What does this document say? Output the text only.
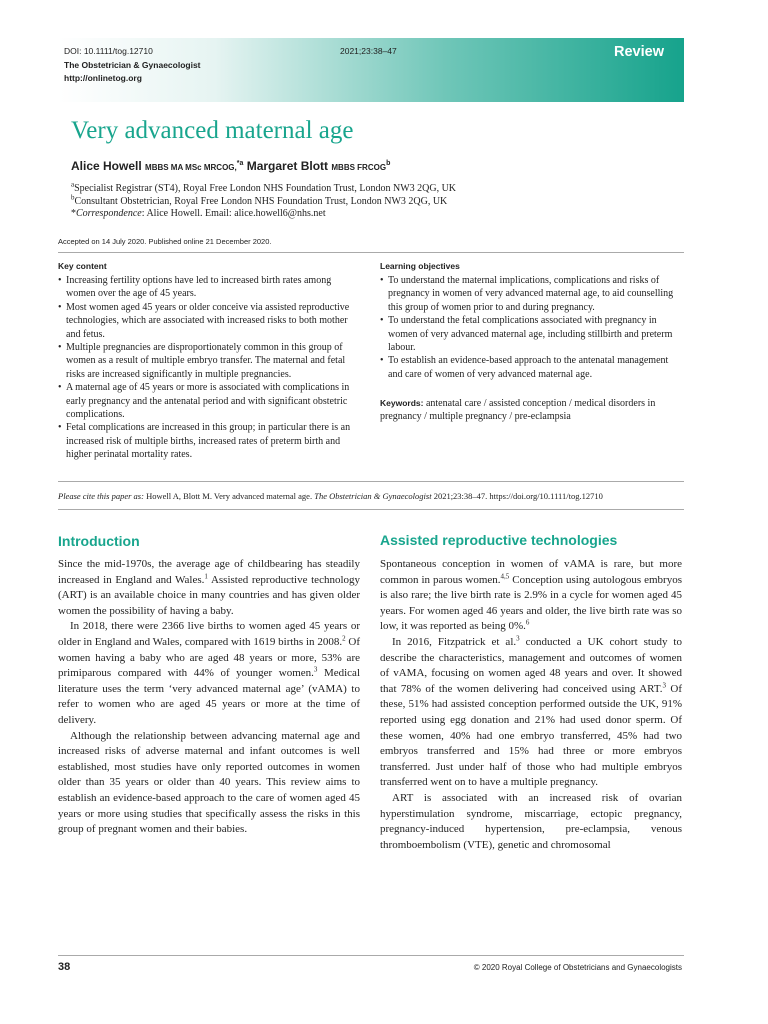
DOI: 10.1111/tog.12710
The Obstetrician & Gynaecologist
http://onlinetog.org
2021;23:38–47	Review
Very advanced maternal age
Alice Howell MBBS MA MSc MRCOG,$^{*a}$ Margaret Blott MBBS FRCOG$^b$
$^a$Specialist Registrar (ST4), Royal Free London NHS Foundation Trust, London NW3 2QG, UK
$^b$Consultant Obstetrician, Royal Free London NHS Foundation Trust, London NW3 2QG, UK
*Correspondence: Alice Howell. Email: alice.howell6@nhs.net
Accepted on 14 July 2020. Published online 21 December 2020.
Key content
• Increasing fertility options have led to increased birth rates among women over the age of 45 years.
• Most women aged 45 years or older conceive via assisted reproductive technologies, which are associated with increased risks to both mother and fetus.
• Multiple pregnancies are disproportionately common in this group of women as a result of multiple embryo transfer. The maternal and fetal risks are increased significantly in multiple pregnancies.
• A maternal age of 45 years or more is associated with complications in early pregnancy and the antenatal period and with significant obstetric complications.
• Fetal complications are increased in this group; in particular there is an increased risk of multiple births, increased rates of preterm birth and higher perinatal mortality rates.
Learning objectives
• To understand the maternal implications, complications and risks of pregnancy in women of very advanced maternal age, to aid counselling this group of women prior to and during pregnancy.
• To understand the fetal complications associated with pregnancy in women of very advanced maternal age, including stillbirth and preterm labour.
• To establish an evidence-based approach to the antenatal management and care of women of very advanced maternal age.
Keywords: antenatal care / assisted conception / medical disorders in pregnancy / multiple pregnancy / pre-eclampsia
Please cite this paper as: Howell A, Blott M. Very advanced maternal age. The Obstetrician & Gynaecologist 2021;23:38–47. https://doi.org/10.1111/tog.12710
Introduction

Since the mid-1970s, the average age of childbearing has steadily increased in England and Wales.$^1$ Assisted reproductive technology (ART) is an available choice in many countries and has given older women the possibility of having a baby.

In 2018, there were 2366 live births to women aged 45 years or older in England and Wales, compared with 1619 births in 2008.$^2$ Of women having a baby who are aged 48 years or more, 53% are primiparous compared with 44% of younger women.$^3$ Medical literature uses the term ‘very advanced maternal age’ (vAMA) to refer to women who are aged 45 years or more at the time of delivery.

Although the relationship between advancing maternal age and increased risks of adverse maternal and infant outcomes is well established, most studies have only reported outcomes in women older than 35 years or older than 40 years. This review aims to establish an evidence-based approach to the care of women aged 45 years or more using studies that specifically assess the risks in this group of pregnant women and their babies.

Assisted reproductive technologies

Spontaneous conception in women of vAMA is rare, but more common in parous women.$^{4,5}$ Conception using autologous embryos is also rare; the live birth rate is 2.9% in a cycle for women aged 45 years. For women aged 46 years and older, the live birth rate was so low, it was reported as being 0%.$^6$

In 2016, Fitzpatrick et al.$^3$ conducted a UK cohort study to describe the characteristics, management and outcomes of women of vAMA, focusing on women aged 48 years and over. It showed that 78% of the women delivering had conceived using ART.$^3$ Of these, 51% had assisted conception performed outside the UK, 91% reported using egg donation and 21% had used donor sperm. Of these women, 40% had one embryo transferred, 45% had two embryos transferred and 15% had three or more embryos transferred. Just under half of those who had multiple embryos transferred went on to have a multiple pregnancy.

ART is associated with an increased risk of ovarian hyperstimulation syndrome, miscarriage, ectopic pregnancy, pregnancy-induced hypertension, pre-eclampsia, venous thromboembolism (VTE), genetic and chromosomal

38	© 2020 Royal College of Obstetricians and Gynaecologists
